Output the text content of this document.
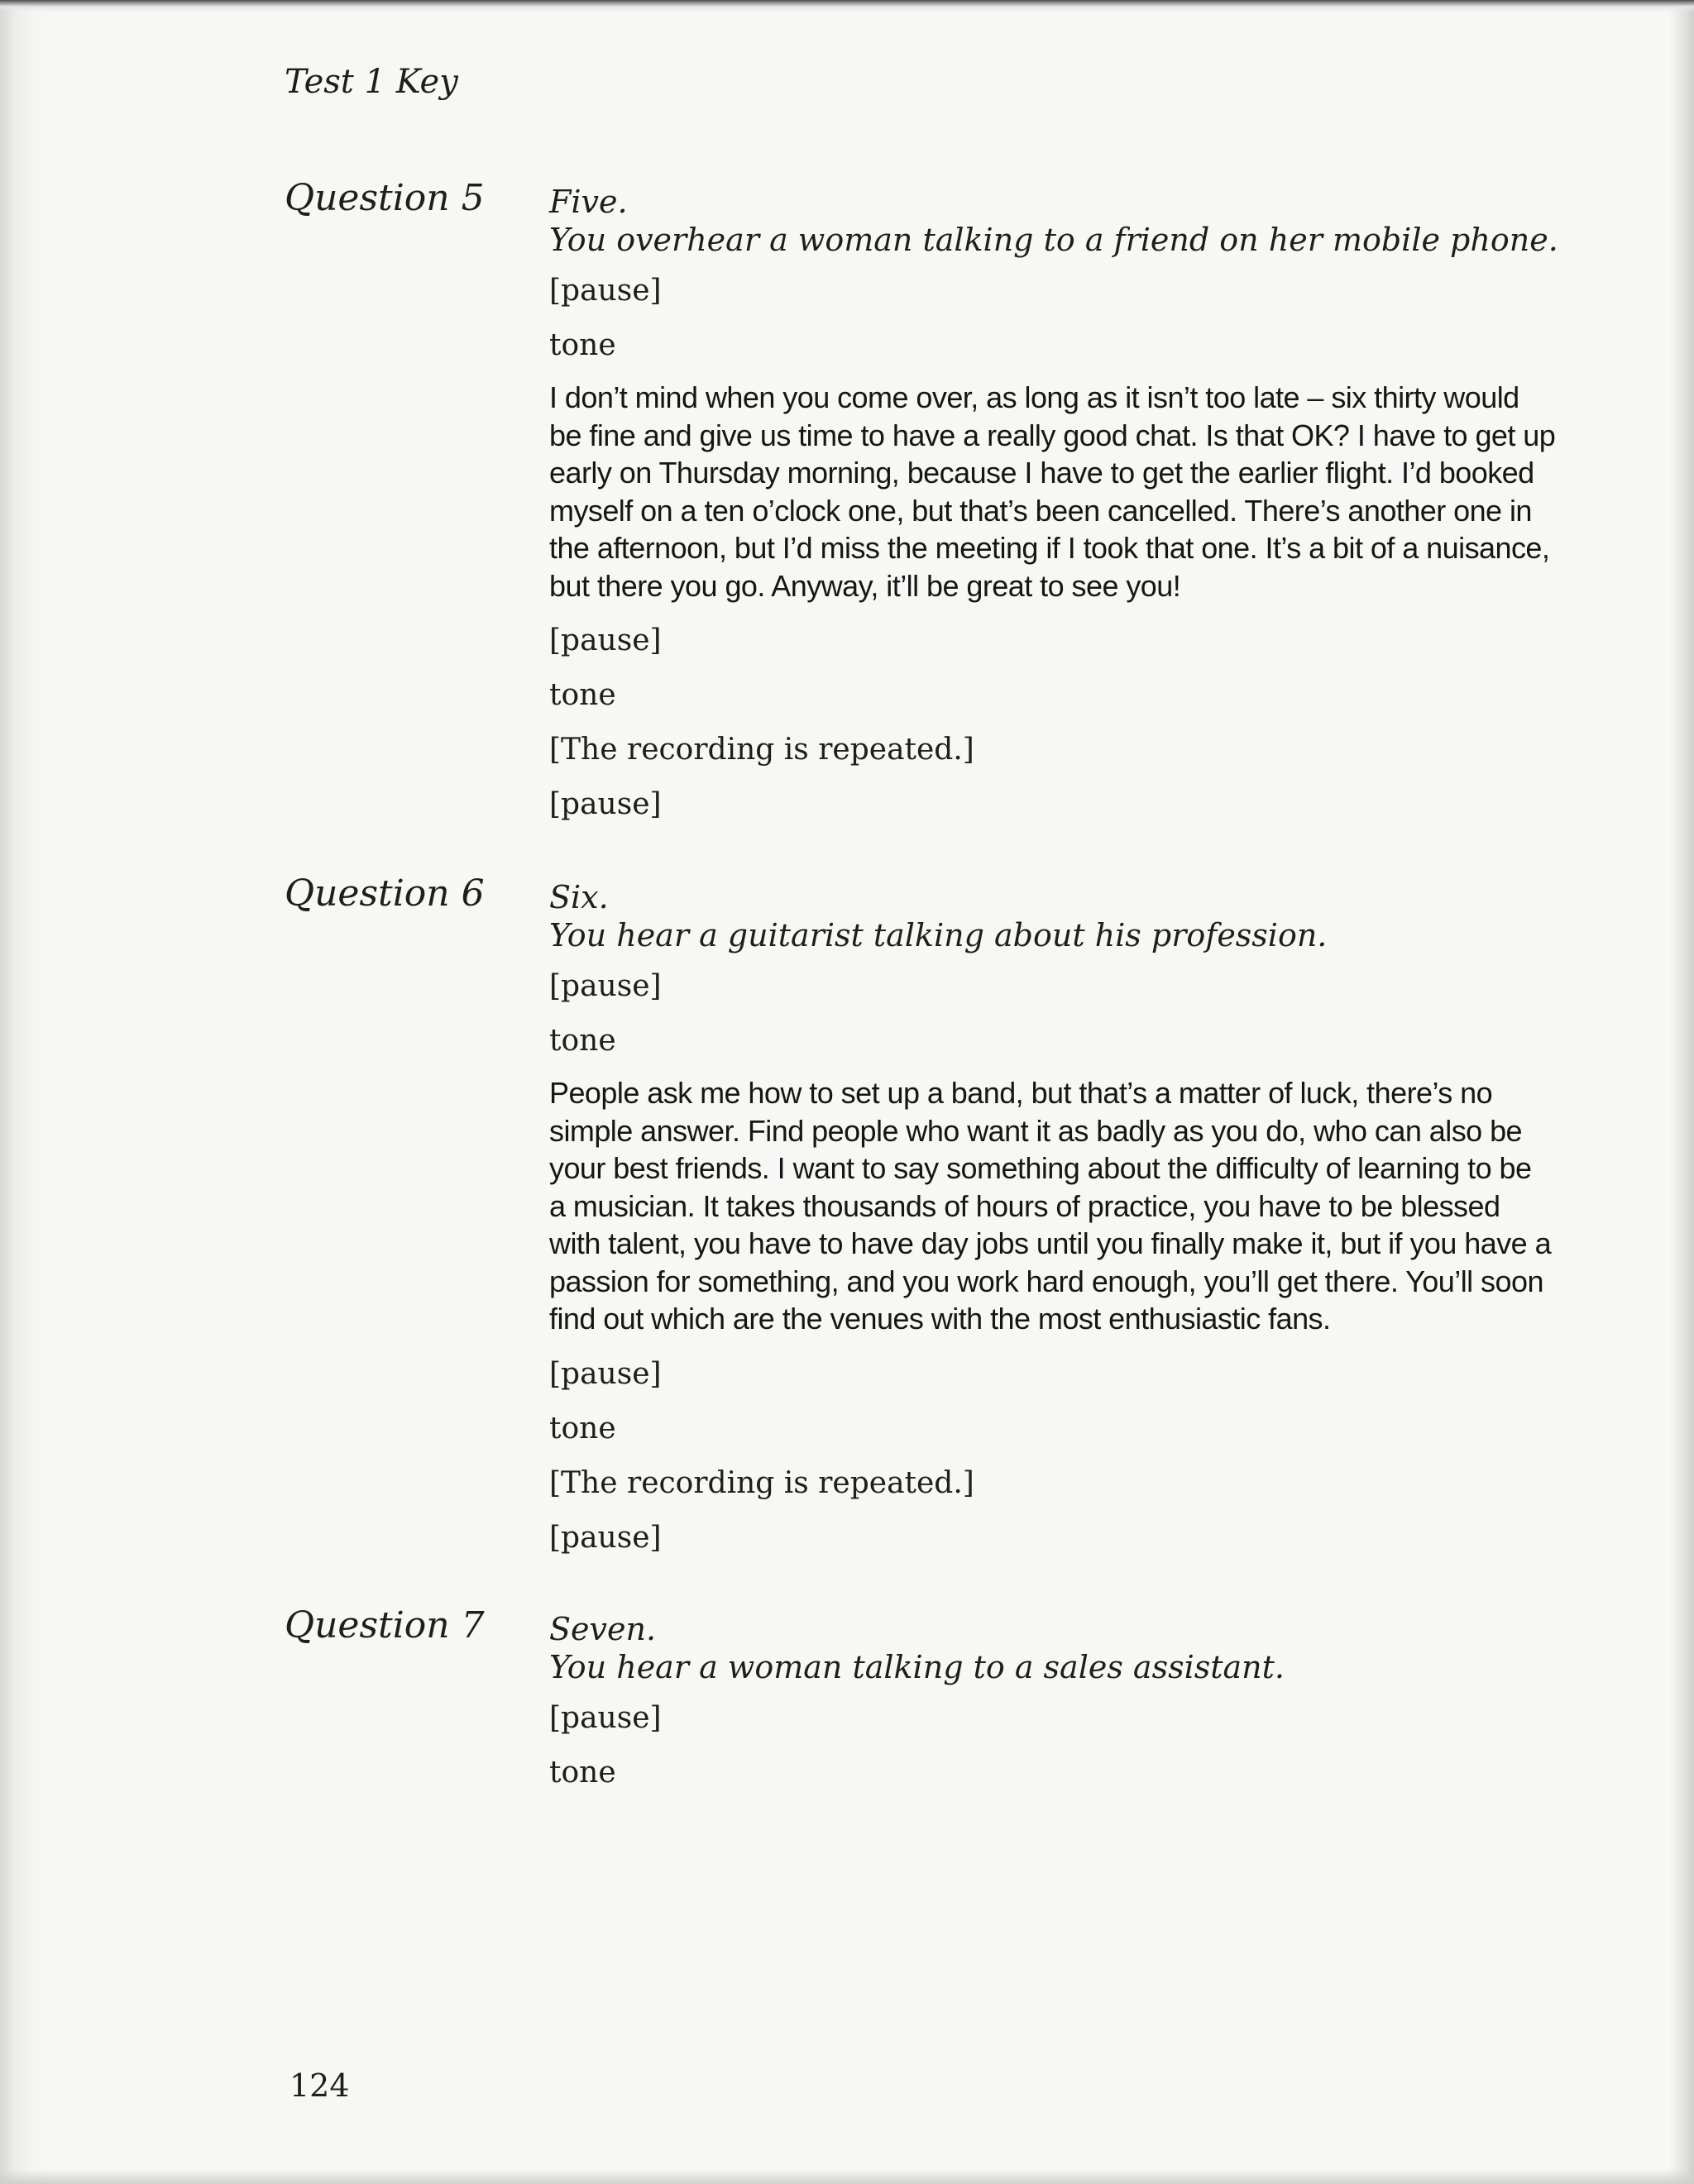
Test 1 Key
Question 5 Five.
You overhear a woman talking to a friend on her mobile phone.
[pause]
tone
I don’t mind when you come over, as long as it isn’t too late – six thirty would
be fine and give us time to have a really good chat. Is that OK? I have to get up
early on Thursday morning, because I have to get the earlier flight. I’d booked
myself on a ten o’clock one, but that’s been cancelled. There’s another one in
the afternoon, but I’d miss the meeting if I took that one. It’s a bit of a nuisance,
but there you go. Anyway, it’ll be great to see you!
[pause]
tone
[The recording is repeated.]
[pause]
Question 6 Six.
You hear a guitarist talking about his profession.
[pause]
tone
People ask me how to set up a band, but that’s a matter of luck, there’s no
simple answer. Find people who want it as badly as you do, who can also be
your best friends. I want to say something about the difficulty of learning to be
a musician. It takes thousands of hours of practice, you have to be blessed
with talent, you have to have day jobs until you finally make it, but if you have a
passion for something, and you work hard enough, you’ll get there. You’ll soon
find out which are the venues with the most enthusiastic fans.
[pause]
tone
[The recording is repeated.]
[pause]
Question 7 Seven.
You hear a woman talking to a sales assistant.
[pause]
tone
124
